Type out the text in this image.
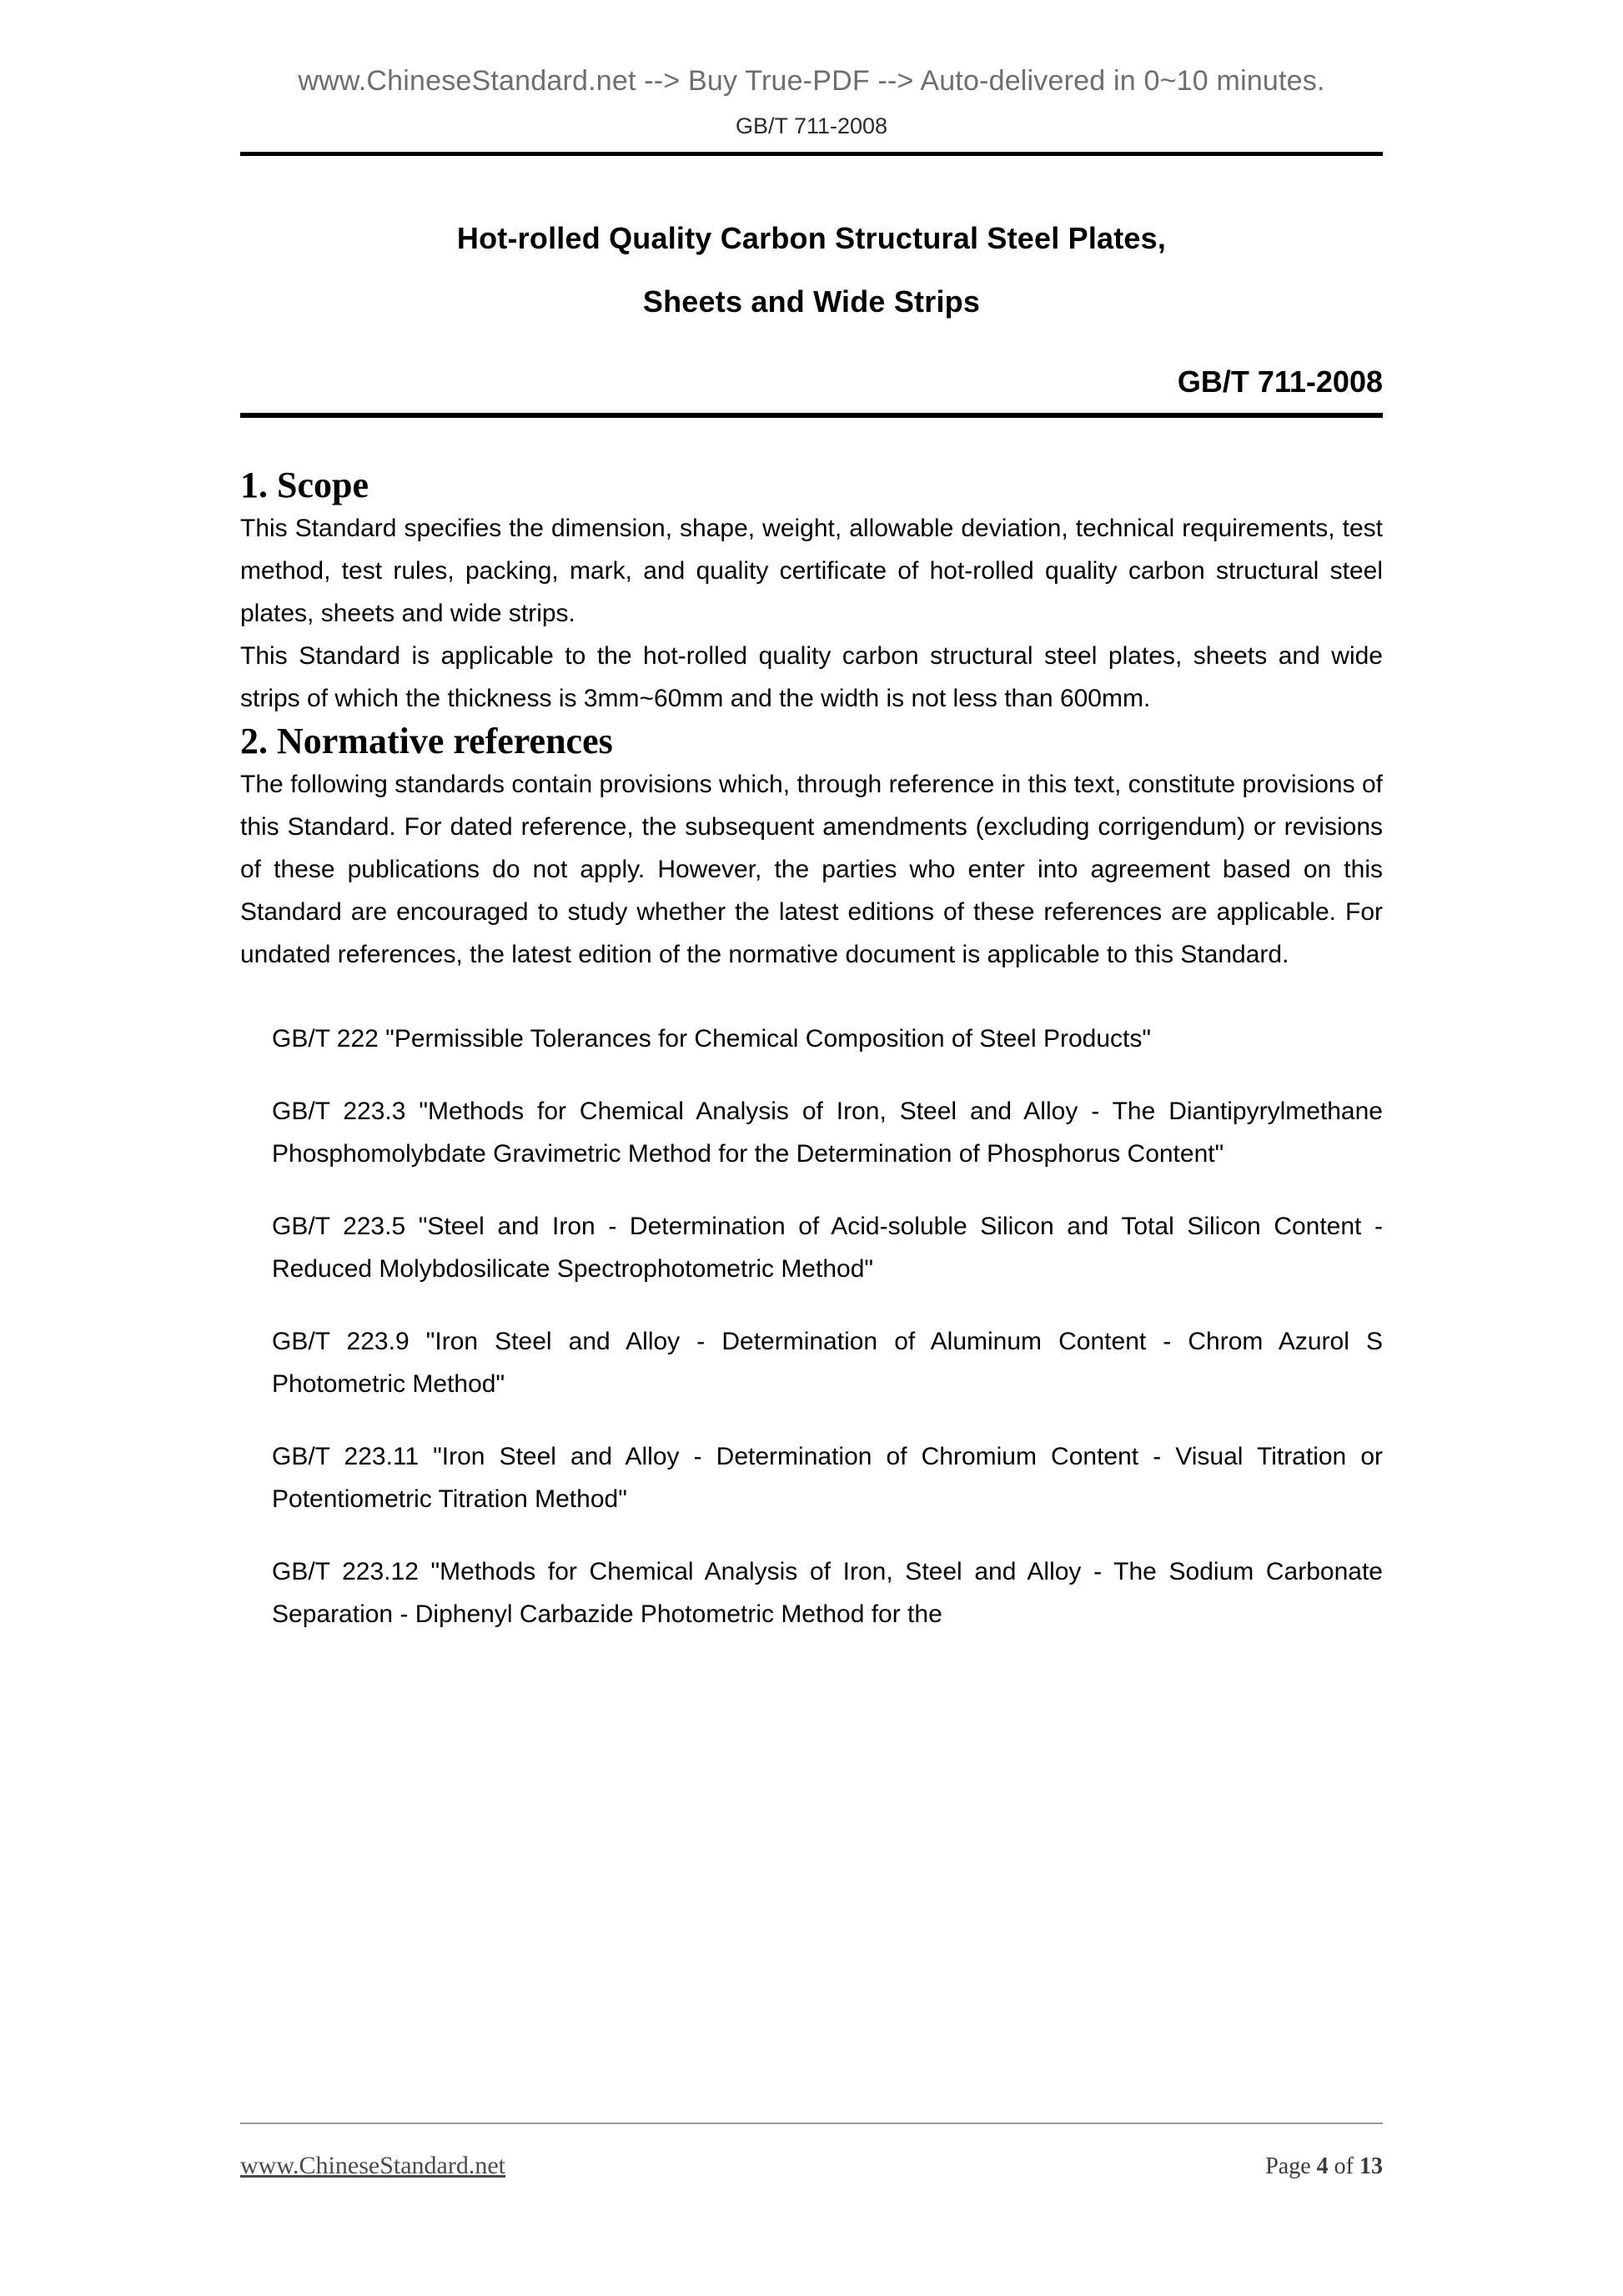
www.ChineseStandard.net --> Buy True-PDF --> Auto-delivered in 0~10 minutes.
GB/T 711-2008
Hot-rolled Quality Carbon Structural Steel Plates,
Sheets and Wide Strips
GB/T 711-2008
1. Scope

This Standard specifies the dimension, shape, weight, allowable deviation, technical requirements, test method, test rules, packing, mark, and quality certificate of hot-rolled quality carbon structural steel plates, sheets and wide strips.

This Standard is applicable to the hot-rolled quality carbon structural steel plates, sheets and wide strips of which the thickness is 3mm~60mm and the width is not less than 600mm.

2. Normative references

The following standards contain provisions which, through reference in this text, constitute provisions of this Standard. For dated reference, the subsequent amendments (excluding corrigendum) or revisions of these publications do not apply. However, the parties who enter into agreement based on this Standard are encouraged to study whether the latest editions of these references are applicable. For undated references, the latest edition of the normative document is applicable to this Standard.

GB/T 222 "Permissible Tolerances for Chemical Composition of Steel Products"
GB/T 223.3 "Methods for Chemical Analysis of Iron, Steel and Alloy - The Diantipyrylmethane Phosphomolybdate Gravimetric Method for the Determination of Phosphorus Content"
GB/T 223.5 "Steel and Iron - Determination of Acid-soluble Silicon and Total Silicon Content - Reduced Molybdosilicate Spectrophotometric Method"
GB/T 223.9 "Iron Steel and Alloy - Determination of Aluminum Content - Chrom Azurol S Photometric Method"
GB/T 223.11 "Iron Steel and Alloy - Determination of Chromium Content - Visual Titration or Potentiometric Titration Method"
GB/T 223.12 "Methods for Chemical Analysis of Iron, Steel and Alloy - The Sodium Carbonate Separation - Diphenyl Carbazide Photometric Method for the
www.ChineseStandard.net	Page 4 of 13
